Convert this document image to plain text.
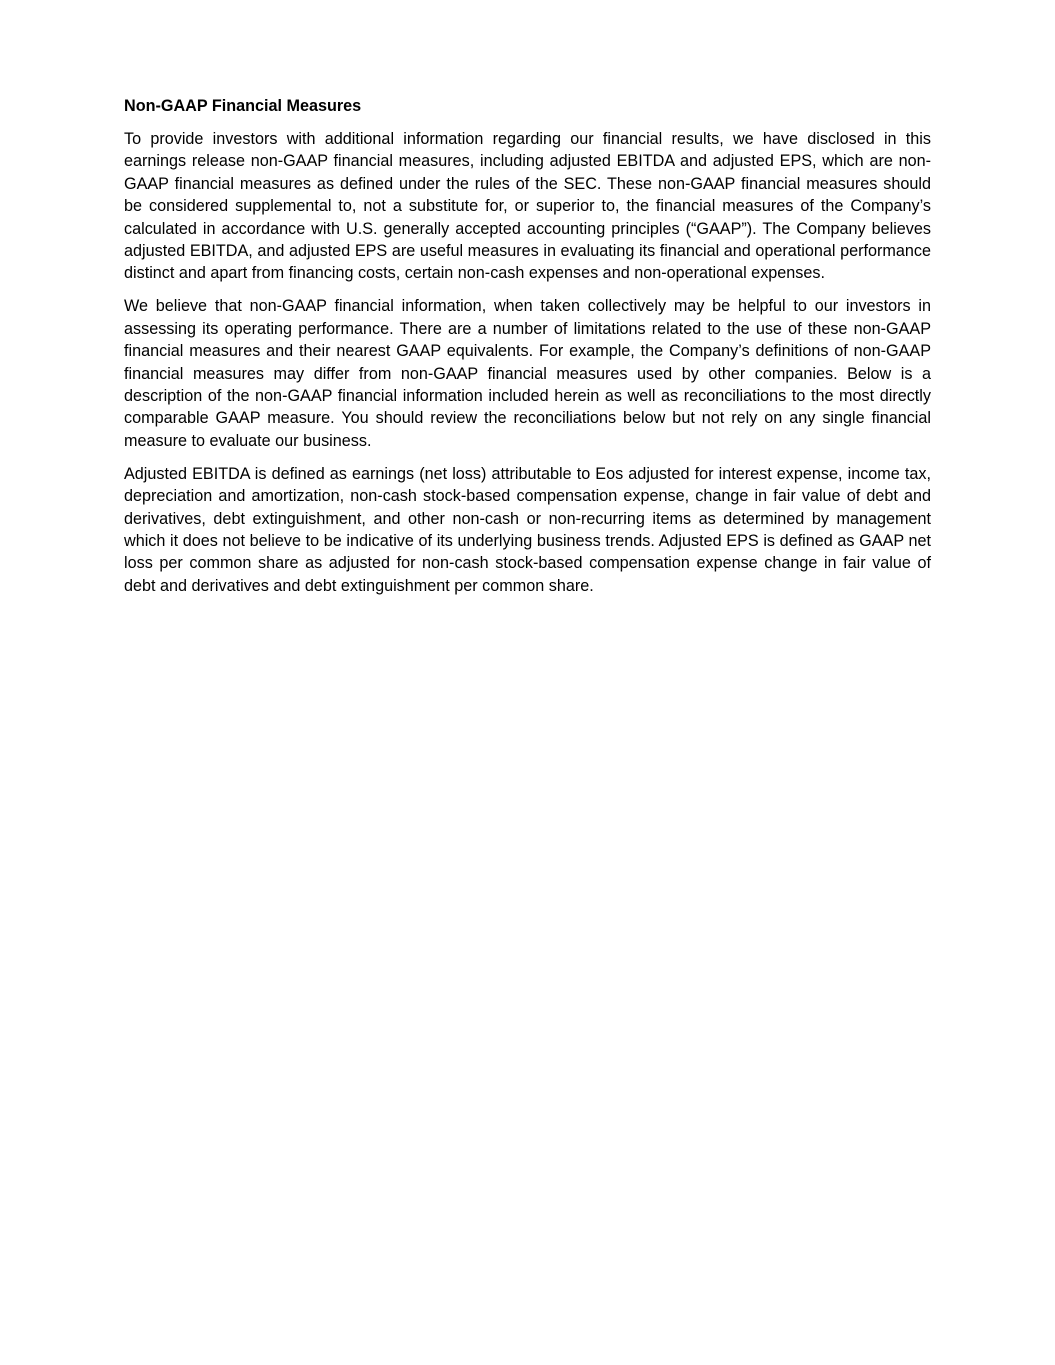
Non-GAAP Financial Measures

To provide investors with additional information regarding our financial results, we have disclosed in this earnings release non-GAAP financial measures, including adjusted EBITDA and adjusted EPS, which are non-GAAP financial measures as defined under the rules of the SEC. These non-GAAP financial measures should be considered supplemental to, not a substitute for, or superior to, the financial measures of the Company’s calculated in accordance with U.S. generally accepted accounting principles (“GAAP”). The Company believes adjusted EBITDA, and adjusted EPS are useful measures in evaluating its financial and operational performance distinct and apart from financing costs, certain non-cash expenses and non-operational expenses.

We believe that non-GAAP financial information, when taken collectively may be helpful to our investors in assessing its operating performance. There are a number of limitations related to the use of these non-GAAP financial measures and their nearest GAAP equivalents. For example, the Company’s definitions of non-GAAP financial measures may differ from non-GAAP financial measures used by other companies. Below is a description of the non-GAAP financial information included herein as well as reconciliations to the most directly comparable GAAP measure. You should review the reconciliations below but not rely on any single financial measure to evaluate our business.

Adjusted EBITDA is defined as earnings (net loss) attributable to Eos adjusted for interest expense, income tax, depreciation and amortization, non-cash stock-based compensation expense, change in fair value of debt and derivatives, debt extinguishment, and other non-cash or non-recurring items as determined by management which it does not believe to be indicative of its underlying business trends. Adjusted EPS is defined as GAAP net loss per common share as adjusted for non-cash stock-based compensation expense change in fair value of debt and derivatives and debt extinguishment per common share.
